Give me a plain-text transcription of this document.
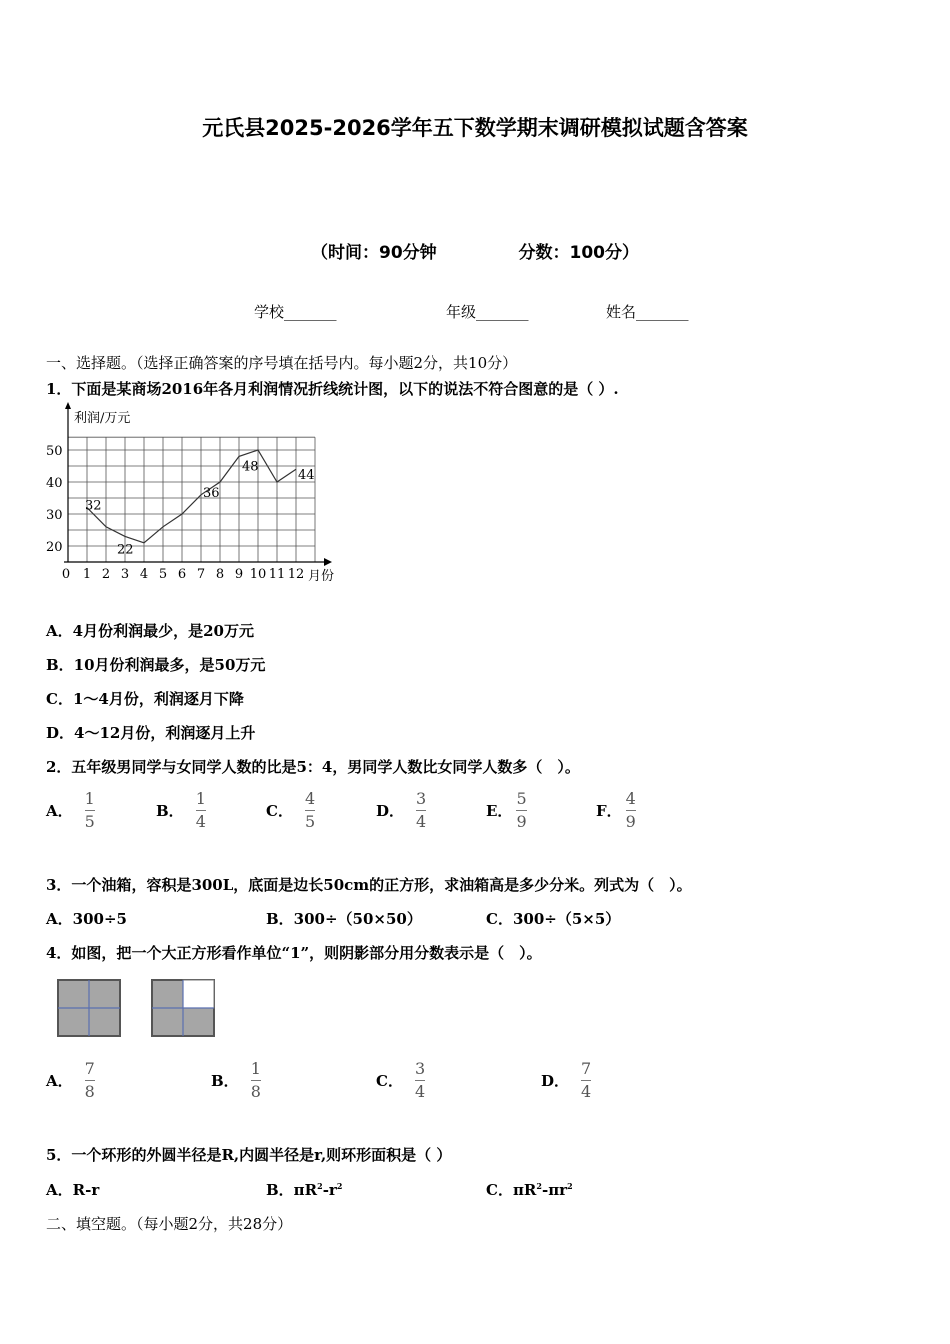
元氏县2025-2026学年五下数学期末调研模拟试题含答案
（时间：90分钟	分数：100分）
学校_______	年级_______	姓名_______
一、选择题。（选择正确答案的序号填在括号内。每小题2分，共10分）
1．下面是某商场2016年各月利润情况折线统计图，以下的说法不符合图意的是（ ）.
利润/万元
月份
20
30
40
50
0 1 2 3 4 5 6 7 8 9 10 11 12
32
22
36
48
44
A．4月份利润最少，是20万元
B．10月份利润最多，是50万元
C．1～4月份，利润逐月下降
D．4～12月份，利润逐月上升
2．五年级男同学与女同学人数的比是5：4，男同学人数比女同学人数多（　）。
A． $\frac{1}{5}$	B． $\frac{1}{4}$	C． $\frac{4}{5}$	D． $\frac{3}{4}$	E． $\frac{5}{9}$	F． $\frac{4}{9}$
3．一个油箱，容积是300L，底面是边长50cm的正方形，求油箱高是多少分米。列式为（　）。
A．300÷5	B．300÷（50×50）	C．300÷（5×5）
4．如图，把一个大正方形看作单位“1”，则阴影部分用分数表示是（　）。
A． $\frac{7}{8}$	B． $\frac{1}{8}$	C． $\frac{3}{4}$	D． $\frac{7}{4}$
5．一个环形的外圆半径是R,内圆半径是r,则环形面积是（ ）
A．R-r	B．$\pi R^2-r^2$	C．$\pi R^2-\pi r^2$
二、填空题。（每小题2分，共28分）
